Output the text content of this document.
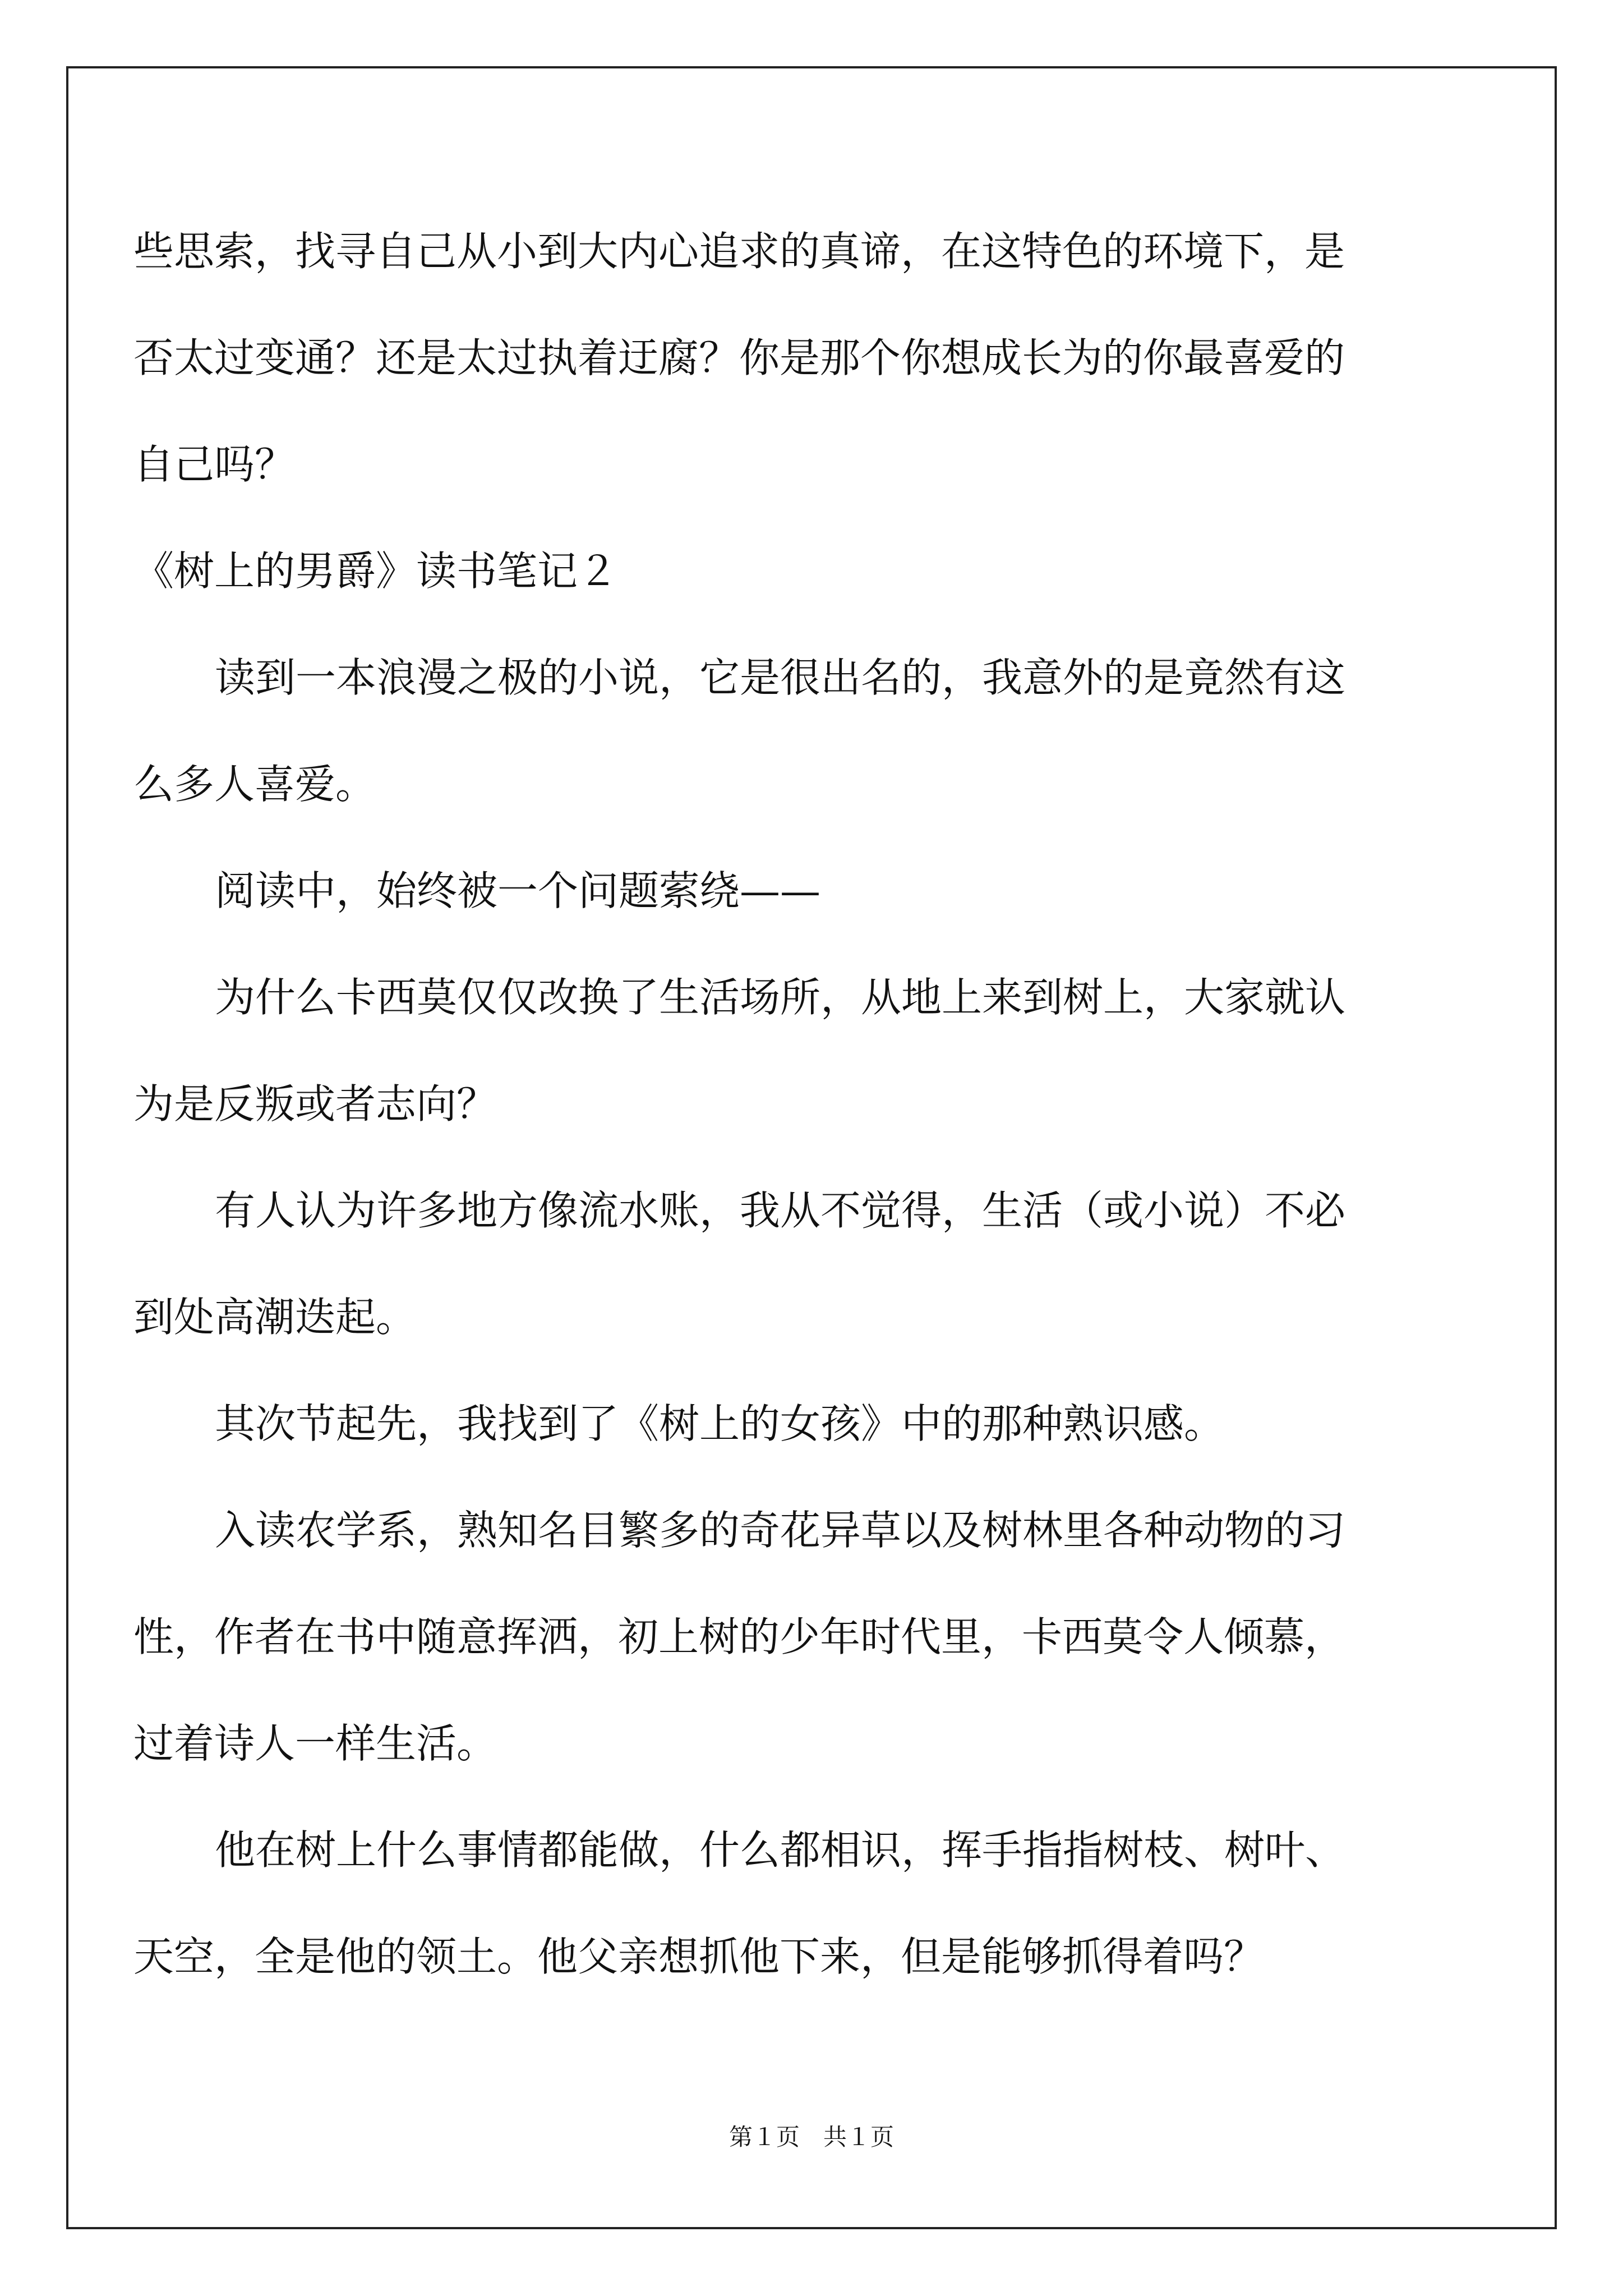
些思索，找寻自己从小到大内心追求的真谛，在这特色的环境下，是
否太过变通？还是太过执着迂腐？你是那个你想成长为的你最喜爱的
自己吗？
《树上的男爵》读书笔记２
读到一本浪漫之极的小说，它是很出名的，我意外的是竟然有这
么多人喜爱。
阅读中，始终被一个问题萦绕——
为什么卡西莫仅仅改换了生活场所，从地上来到树上，大家就认
为是反叛或者志向？
有人认为许多地方像流水账，我从不觉得，生活（或小说）不必
到处高潮迭起。
其次节起先，我找到了《树上的女孩》中的那种熟识感。
入读农学系，熟知名目繁多的奇花异草以及树林里各种动物的习
性，作者在书中随意挥洒，初上树的少年时代里，卡西莫令人倾慕，
过着诗人一样生活。
他在树上什么事情都能做，什么都相识，挥手指指树枝、树叶、
天空，全是他的领土。他父亲想抓他下来，但是能够抓得着吗？
第１页 共１页
